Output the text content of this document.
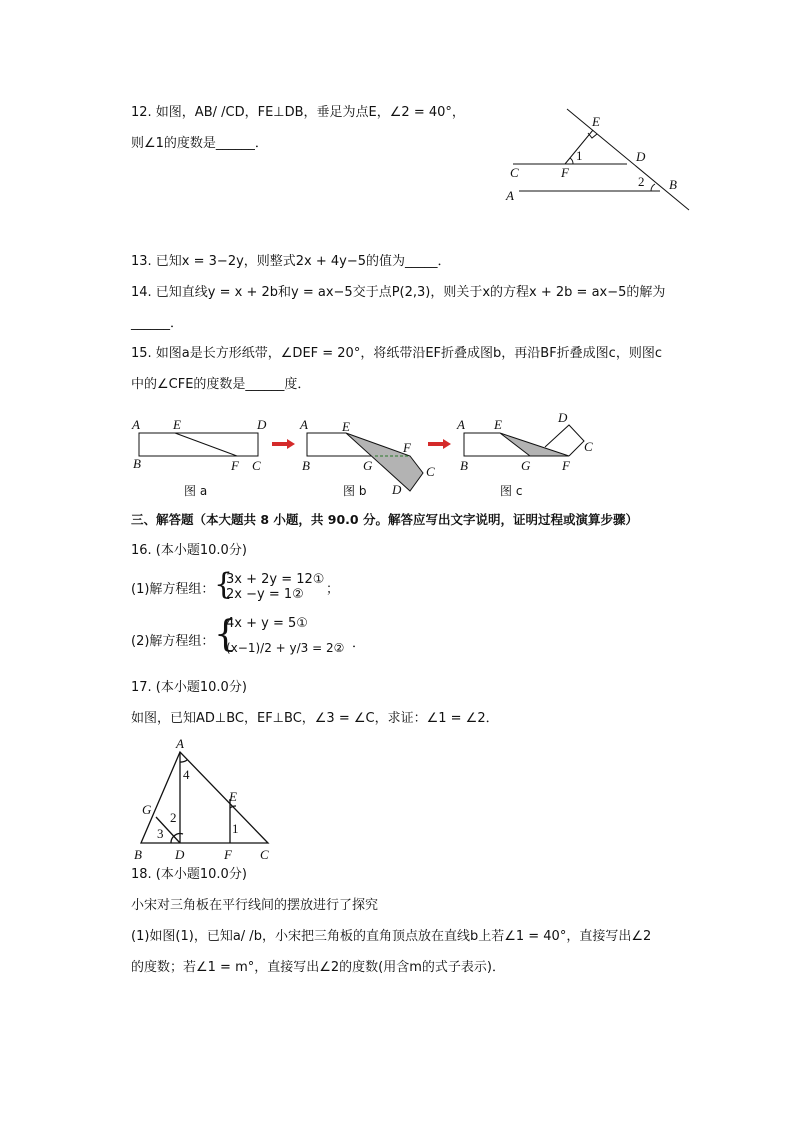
12. 如图，AB/ /CD，FE⊥DB，垂足为点E，∠2 = 40°，
则∠1的度数是______．
E
D
C	F
A
B
1
2
A	E	D
B	F C
图 a
A	E
F
B	G	C
D
图 b
A E	D
C
B	G F
图 c
A
G
E
4
2
1
3
B	D	F C
13. 已知x = 3−2y，则整式2x + 4y−5的值为_____．
14. 已知直线y = x + 2b和y = ax−5交于点P(2,3)，则关于x的方程x + 2b = ax−5的解为
______．
15. 如图a是长方形纸带，∠DEF = 20°，将纸带沿EF折叠成图b，再沿BF折叠成图c，则图c
中的∠CFE的度数是______度．
三、解答题（本大题共 8 小题，共 90.0 分。解答应写出文字说明，证明过程或演算步骤）
16. (本小题10.0分)
(1)解方程组： {
3x + 2y = 12①
2x −y = 1②	；
(2)解方程组： {
4x + y = 5①
(x−1)/2 + y/3 = 2② ．
17. (本小题10.0分)
如图，已知AD⊥BC，EF⊥BC，∠3 = ∠C，求证：∠1 = ∠2．
18. (本小题10.0分)
小宋对三角板在平行线间的摆放进行了探究
(1)如图(1)，已知a/ /b，小宋把三角板的直角顶点放在直线b上若∠1 = 40°，直接写出∠2
的度数；若∠1 = m°，直接写出∠2的度数(用含m的式子表示)．
